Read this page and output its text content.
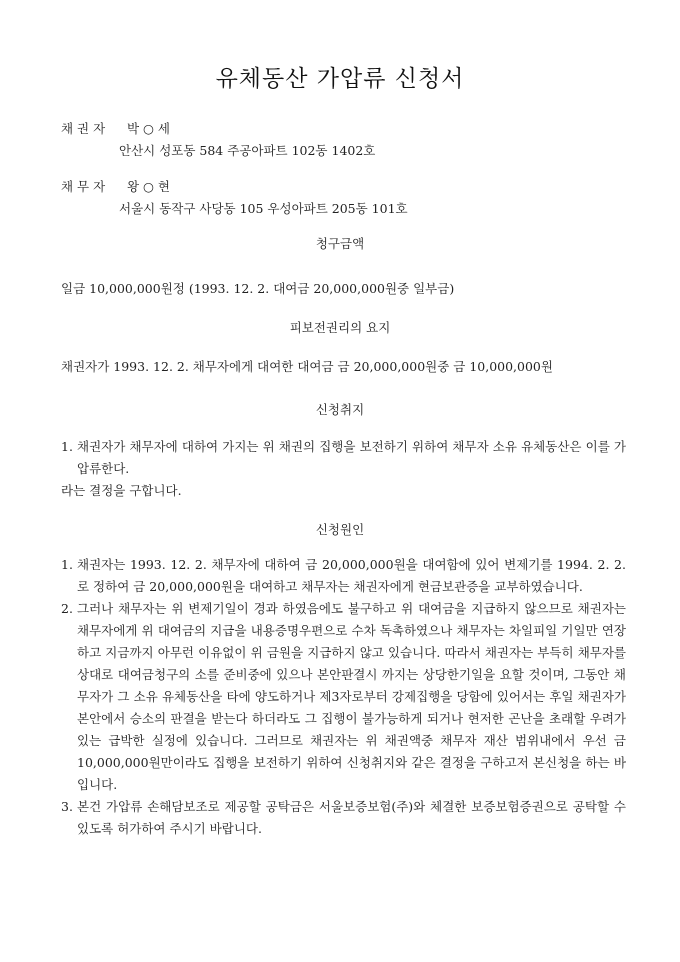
유체동산 가압류 신청서
채 권 자 박 ○ 세
안산시 성포동 584 주공아파트 102동 1402호
채 무 자 왕 ○ 현
서울시 동작구 사당동 105 우성아파트 205동 101호
청구금액
일금 10,000,000원정 (1993. 12. 2. 대여금 20,000,000원중 일부금)
피보전권리의 요지
채권자가 1993. 12. 2. 채무자에게 대여한 대여금 금 20,000,000원중 금 10,000,000원
신청취지
1. 채권자가 채무자에 대하여 가지는 위 채권의 집행을 보전하기 위하여 채무자 소유 유체동산은 이를 가압류한다.
라는 결정을 구합니다.
신청원인
1. 채권자는 1993. 12. 2. 채무자에 대하여 금 20,000,000원을 대여함에 있어 변제기를 1994. 2. 2.로 정하여 금 20,000,000원을 대여하고 채무자는 채권자에게 현금보관증을 교부하였습니다.
2. 그러나 채무자는 위 변제기일이 경과 하였음에도 불구하고 위 대여금을 지급하지 않으므로 채권자는 채무자에게 위 대여금의 지급을 내용증명우편으로 수차 독촉하였으나 채무자는 차일피일 기일만 연장하고 지금까지 아무런 이유없이 위 금원을 지급하지 않고 있습니다. 따라서 채권자는 부득히 채무자를 상대로 대여금청구의 소를 준비중에 있으나 본안판결시 까지는 상당한기일을 요할 것이며, 그동안 채무자가 그 소유 유체동산을 타에 양도하거나 제3자로부터 강제집행을 당함에 있어서는 후일 채권자가 본안에서 승소의 판결을 받는다 하더라도 그 집행이 불가능하게 되거나 현저한 곤난을 초래할 우려가 있는 급박한 실정에 있습니다. 그러므로 채권자는 위 채권액중 채무자 재산 범위내에서 우선 금 10,000,000원만이라도 집행을 보전하기 위하여 신청취지와 같은 결정을 구하고저 본신청을 하는 바 입니다.
3. 본건 가압류 손해담보조로 제공할 공탁금은 서울보증보험(주)와 체결한 보증보험증권으로 공탁할 수 있도록 허가하여 주시기 바랍니다.
